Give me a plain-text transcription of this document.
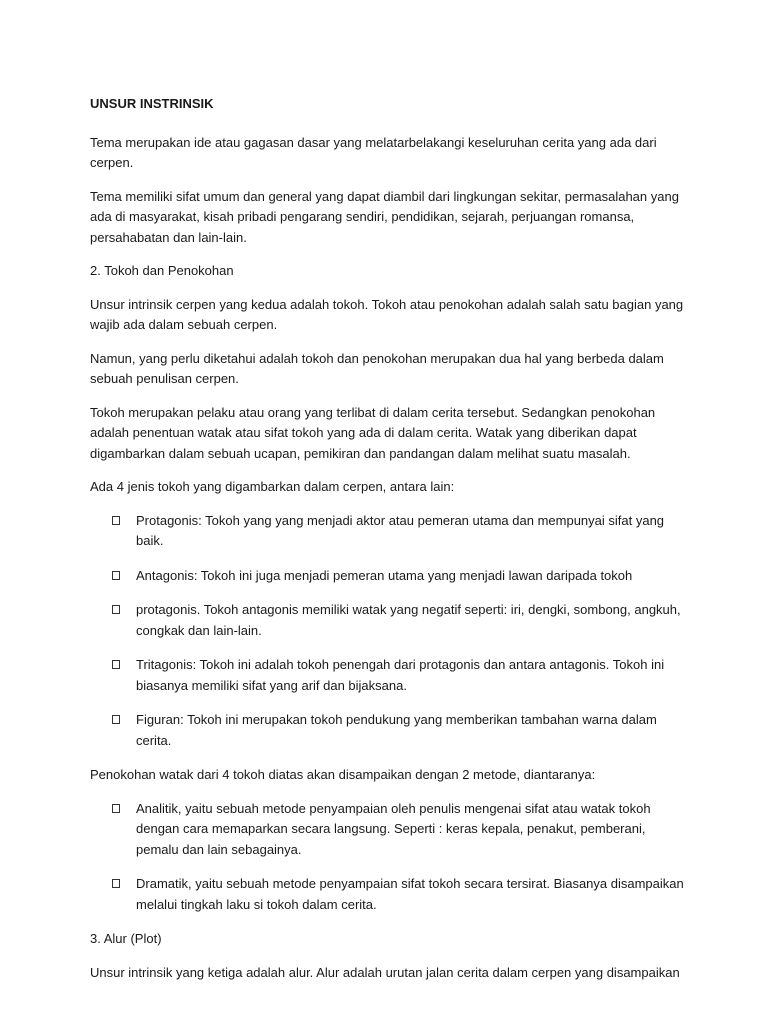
UNSUR INSTRINSIK

Tema merupakan ide atau gagasan dasar yang melatarbelakangi keseluruhan cerita yang ada dari cerpen.

Tema memiliki sifat umum dan general yang dapat diambil dari lingkungan sekitar, permasalahan yang ada di masyarakat, kisah pribadi pengarang sendiri, pendidikan, sejarah, perjuangan romansa, persahabatan dan lain-lain.

2. Tokoh dan Penokohan

Unsur intrinsik cerpen yang kedua adalah tokoh. Tokoh atau penokohan adalah salah satu bagian yang wajib ada dalam sebuah cerpen.

Namun, yang perlu diketahui adalah tokoh dan penokohan merupakan dua hal yang berbeda dalam sebuah penulisan cerpen.

Tokoh merupakan pelaku atau orang yang terlibat di dalam cerita tersebut. Sedangkan penokohan adalah penentuan watak atau sifat tokoh yang ada di dalam cerita. Watak yang diberikan dapat digambarkan dalam sebuah ucapan, pemikiran dan pandangan dalam melihat suatu masalah.

Ada 4 jenis tokoh yang digambarkan dalam cerpen, antara lain:

Protagonis: Tokoh yang yang menjadi aktor atau pemeran utama dan mempunyai sifat yang baik.
Antagonis: Tokoh ini juga menjadi pemeran utama yang menjadi lawan daripada tokoh
protagonis. Tokoh antagonis memiliki watak yang negatif seperti: iri, dengki, sombong, angkuh, congkak dan lain-lain.
Tritagonis: Tokoh ini adalah tokoh penengah dari protagonis dan antara antagonis. Tokoh ini biasanya memiliki sifat yang arif dan bijaksana.
Figuran: Tokoh ini merupakan tokoh pendukung yang memberikan tambahan warna dalam cerita.

Penokohan watak dari 4 tokoh diatas akan disampaikan dengan 2 metode, diantaranya:

Analitik, yaitu sebuah metode penyampaian oleh penulis mengenai sifat atau watak tokoh dengan cara memaparkan secara langsung. Seperti : keras kepala, penakut, pemberani, pemalu dan lain sebagainya.
Dramatik, yaitu sebuah metode penyampaian sifat tokoh secara tersirat. Biasanya disampaikan melalui tingkah laku si tokoh dalam cerita.

3. Alur (Plot)

Unsur intrinsik yang ketiga adalah alur. Alur adalah urutan jalan cerita dalam cerpen yang disampaikan
